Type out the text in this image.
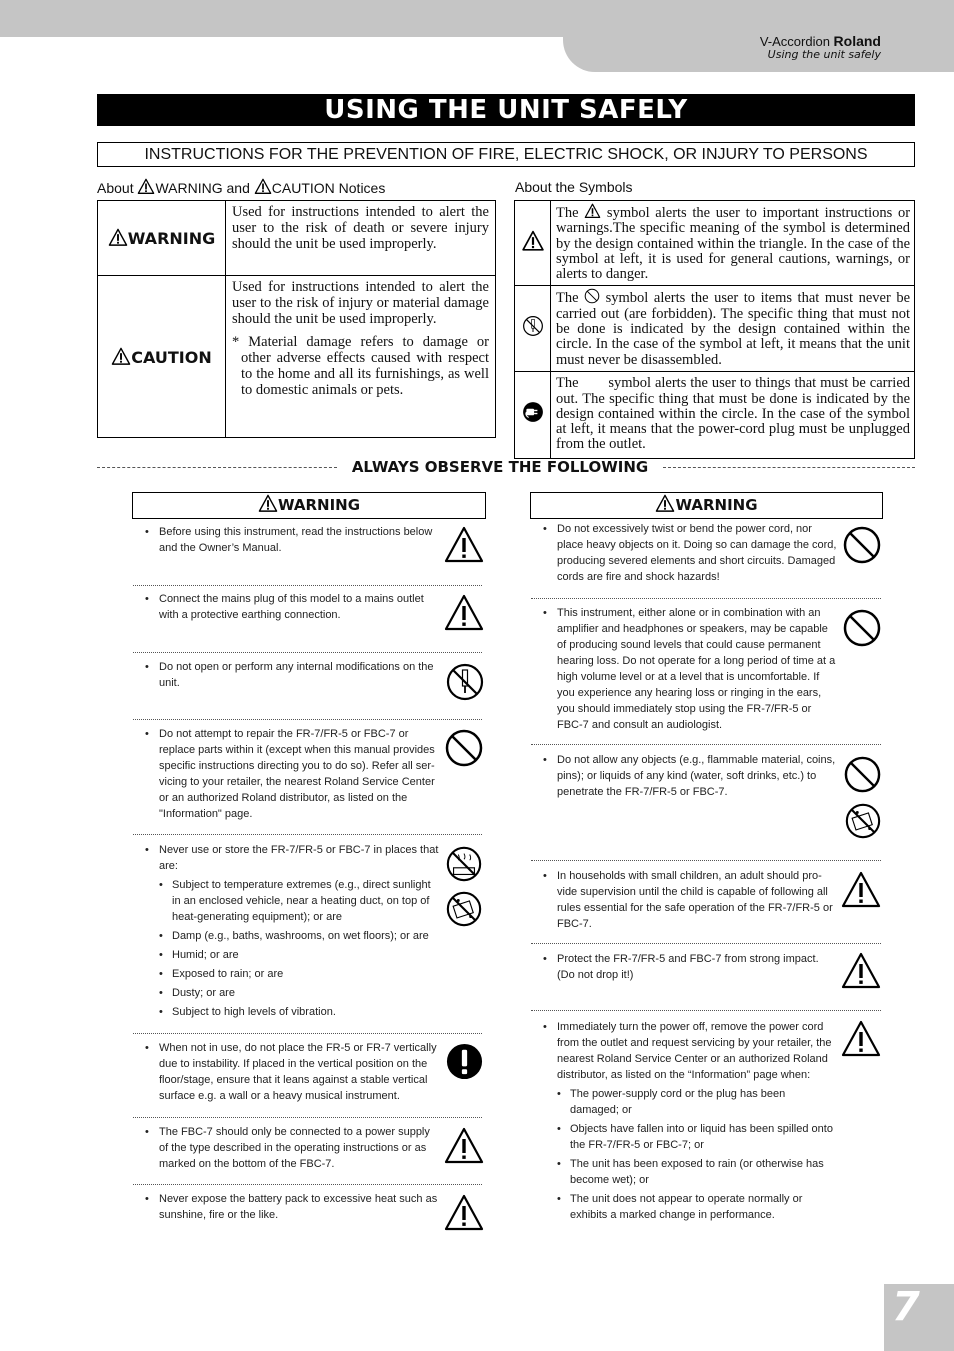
V-Accordion Roland
Using the unit safely
USING THE UNIT SAFELY
INSTRUCTIONS FOR THE PREVENTION OF FIRE, ELECTRIC SHOCK, OR INJURY TO PERSONS
About WARNING and CAUTION Notices	About the Symbols
WARNING	Used for instructions intended to alert the user to the risk of death or severe injury should the unit be used improperly.
CAUTION	Used for instructions intended to alert the user to the risk of injury or material damage should the unit be used improperly.
* Material damage refers to damage or other adverse effects caused with respect to the home and all its furnishings, as well to domestic animals or pets.
	The symbol alerts the user to important instructions or warnings.The specific meaning of the symbol is determined by the design contained within the triangle. In the case of the symbol at left, it is used for general cautions, warnings, or alerts to danger.
	The symbol alerts the user to items that must never be carried out (are forbidden). The specific thing that must not be done is indicated by the design contained within the circle. In the case of the symbol at left, it means that the unit must never be disassembled.
	The symbol alerts the user to things that must be carried out. The specific thing that must be done is indicated by the design contained within the circle. In the case of the symbol at left, it means that the power-cord plug must be unplugged from the outlet.
ALWAYS OBSERVE THE FOLLOWING
WARNING	WARNING
• Before using this instrument, read the instructions below and the Owner’s Manual.
• Connect the mains plug of this model to a mains outlet with a protective earthing connection.
• Do not open or perform any internal modifications on the unit.
• Do not attempt to repair the FR-7/FR-5 or FBC-7 or replace parts within it (except when this manual provides specific instructions directing you to do so). Refer all ser-vicing to your retailer, the nearest Roland Service Center or an authorized Roland distributor, as listed on the "Information" page.
• Never use or store the FR-7/FR-5 or FBC-7 in places that are:
• Subject to temperature extremes (e.g., direct sunlight in an enclosed vehicle, near a heating duct, on top of heat-generating equipment); or are
• Damp (e.g., baths, washrooms, on wet floors); or are
• Humid; or are
• Exposed to rain; or are
• Dusty; or are
• Subject to high levels of vibration.
• When not in use, do not place the FR-5 or FR-7 vertically due to instability. If placed in the vertical position on the floor/stage, ensure that it leans against a stable vertical surface e.g. a wall or a heavy musical instrument.
• The FBC-7 should only be connected to a power supply of the type described in the operating instructions or as marked on the bottom of the FBC-7.
• Never expose the battery pack to excessive heat such as sunshine, fire or the like.
• Do not excessively twist or bend the power cord, nor place heavy objects on it. Doing so can damage the cord, producing severed elements and short circuits. Damaged cords are fire and shock hazards!
• This instrument, either alone or in combination with an amplifier and headphones or speakers, may be capable of producing sound levels that could cause permanent hearing loss. Do not operate for a long period of time at a high volume level or at a level that is uncomfortable. If you experience any hearing loss or ringing in the ears, you should immediately stop using the FR-7/FR-5 or FBC-7 and consult an audiologist.
• Do not allow any objects (e.g., flammable material, coins, pins); or liquids of any kind (water, soft drinks, etc.) to penetrate the FR-7/FR-5 or FBC-7.
• In households with small children, an adult should pro-vide supervision until the child is capable of following all rules essential for the safe operation of the FR-7/FR-5 or FBC-7.
• Protect the FR-7/FR-5 and FBC-7 from strong impact. (Do not drop it!)
• Immediately turn the power off, remove the power cord from the outlet and request servicing by your retailer, the nearest Roland Service Center or an authorized Roland distributor, as listed on the “Information” page when:
• The power-supply cord or the plug has been damaged; or
• Objects have fallen into or liquid has been spilled onto the FR-7/FR-5 or FBC-7; or
• The unit has been exposed to rain (or otherwise has become wet); or
• The unit does not appear to operate normally or exhibits a marked change in performance.
7
